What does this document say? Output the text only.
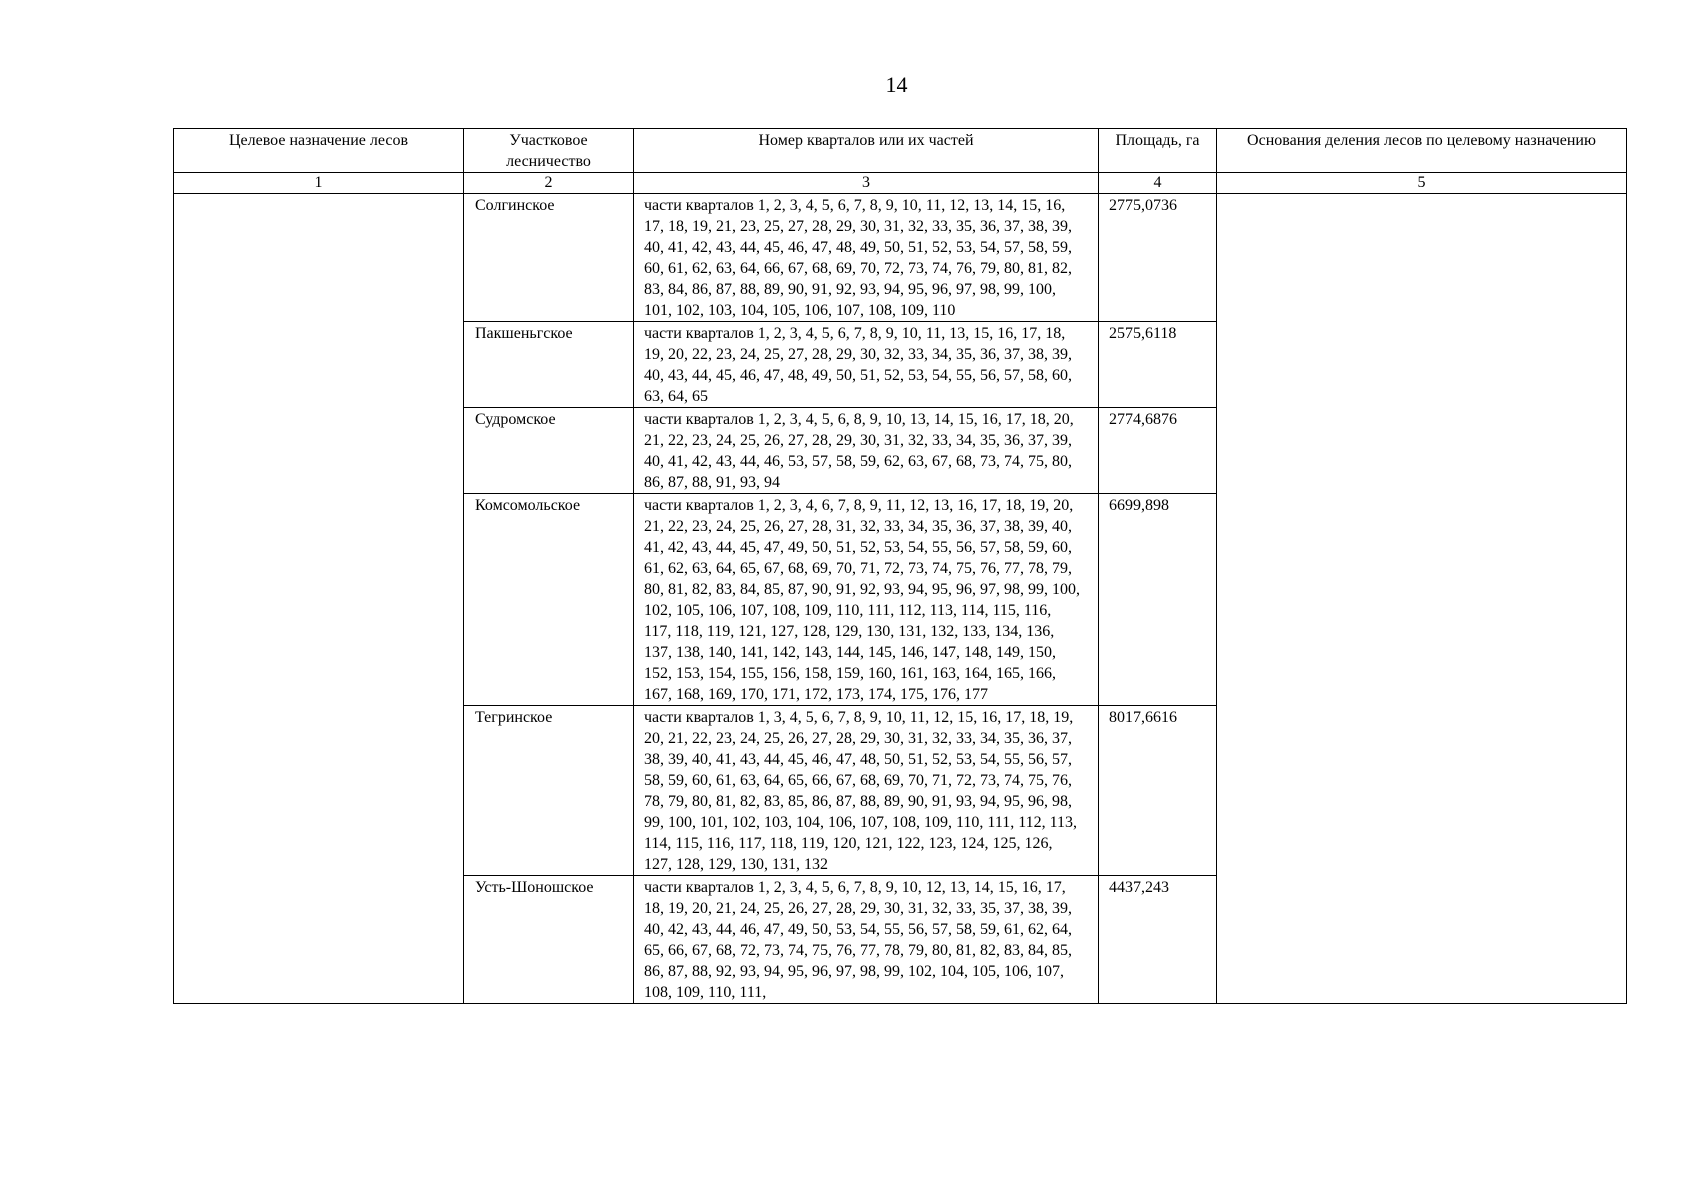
14
Целевое назначение лесов	Участковое лесничество	Номер кварталов или их частей	Площадь, га	Основания деления лесов по целевому назначению
1	2	3	4	5
	Солгинское	части кварталов 1, 2, 3, 4, 5, 6, 7, 8, 9, 10, 11, 12, 13, 14, 15, 16, 17, 18, 19, 21, 23, 25, 27, 28, 29, 30, 31, 32, 33, 35, 36, 37, 38, 39, 40, 41, 42, 43, 44, 45, 46, 47, 48, 49, 50, 51, 52, 53, 54, 57, 58, 59, 60, 61, 62, 63, 64, 66, 67, 68, 69, 70, 72, 73, 74, 76, 79, 80, 81, 82, 83, 84, 86, 87, 88, 89, 90, 91, 92, 93, 94, 95, 96, 97, 98, 99, 100, 101, 102, 103, 104, 105, 106, 107, 108, 109, 110	2775,0736	
	Пакшеньгское	части кварталов 1, 2, 3, 4, 5, 6, 7, 8, 9, 10, 11, 13, 15, 16, 17, 18, 19, 20, 22, 23, 24, 25, 27, 28, 29, 30, 32, 33, 34, 35, 36, 37, 38, 39, 40, 43, 44, 45, 46, 47, 48, 49, 50, 51, 52, 53, 54, 55, 56, 57, 58, 60, 63, 64, 65	2575,6118	
	Судромское	части кварталов 1, 2, 3, 4, 5, 6, 8, 9, 10, 13, 14, 15, 16, 17, 18, 20, 21, 22, 23, 24, 25, 26, 27, 28, 29, 30, 31, 32, 33, 34, 35, 36, 37, 39, 40, 41, 42, 43, 44, 46, 53, 57, 58, 59, 62, 63, 67, 68, 73, 74, 75, 80, 86, 87, 88, 91, 93, 94	2774,6876	
	Комсомольское	части кварталов 1, 2, 3, 4, 6, 7, 8, 9, 11, 12, 13, 16, 17, 18, 19, 20, 21, 22, 23, 24, 25, 26, 27, 28, 31, 32, 33, 34, 35, 36, 37, 38, 39, 40, 41, 42, 43, 44, 45, 47, 49, 50, 51, 52, 53, 54, 55, 56, 57, 58, 59, 60, 61, 62, 63, 64, 65, 67, 68, 69, 70, 71, 72, 73, 74, 75, 76, 77, 78, 79, 80, 81, 82, 83, 84, 85, 87, 90, 91, 92, 93, 94, 95, 96, 97, 98, 99, 100, 102, 105, 106, 107, 108, 109, 110, 111, 112, 113, 114, 115, 116, 117, 118, 119, 121, 127, 128, 129, 130, 131, 132, 133, 134, 136, 137, 138, 140, 141, 142, 143, 144, 145, 146, 147, 148, 149, 150, 152, 153, 154, 155, 156, 158, 159, 160, 161, 163, 164, 165, 166, 167, 168, 169, 170, 171, 172, 173, 174, 175, 176, 177	6699,898	
	Тегринское	части кварталов 1, 3, 4, 5, 6, 7, 8, 9, 10, 11, 12, 15, 16, 17, 18, 19, 20, 21, 22, 23, 24, 25, 26, 27, 28, 29, 30, 31, 32, 33, 34, 35, 36, 37, 38, 39, 40, 41, 43, 44, 45, 46, 47, 48, 50, 51, 52, 53, 54, 55, 56, 57, 58, 59, 60, 61, 63, 64, 65, 66, 67, 68, 69, 70, 71, 72, 73, 74, 75, 76, 78, 79, 80, 81, 82, 83, 85, 86, 87, 88, 89, 90, 91, 93, 94, 95, 96, 98, 99, 100, 101, 102, 103, 104, 106, 107, 108, 109, 110, 111, 112, 113, 114, 115, 116, 117, 118, 119, 120, 121, 122, 123, 124, 125, 126, 127, 128, 129, 130, 131, 132	8017,6616	
	Усть-Шоношское	части кварталов 1, 2, 3, 4, 5, 6, 7, 8, 9, 10, 12, 13, 14, 15, 16, 17, 18, 19, 20, 21, 24, 25, 26, 27, 28, 29, 30, 31, 32, 33, 35, 37, 38, 39, 40, 42, 43, 44, 46, 47, 49, 50, 53, 54, 55, 56, 57, 58, 59, 61, 62, 64, 65, 66, 67, 68, 72, 73, 74, 75, 76, 77, 78, 79, 80, 81, 82, 83, 84, 85, 86, 87, 88, 92, 93, 94, 95, 96, 97, 98, 99, 102, 104, 105, 106, 107, 108, 109, 110, 111,	4437,243	
